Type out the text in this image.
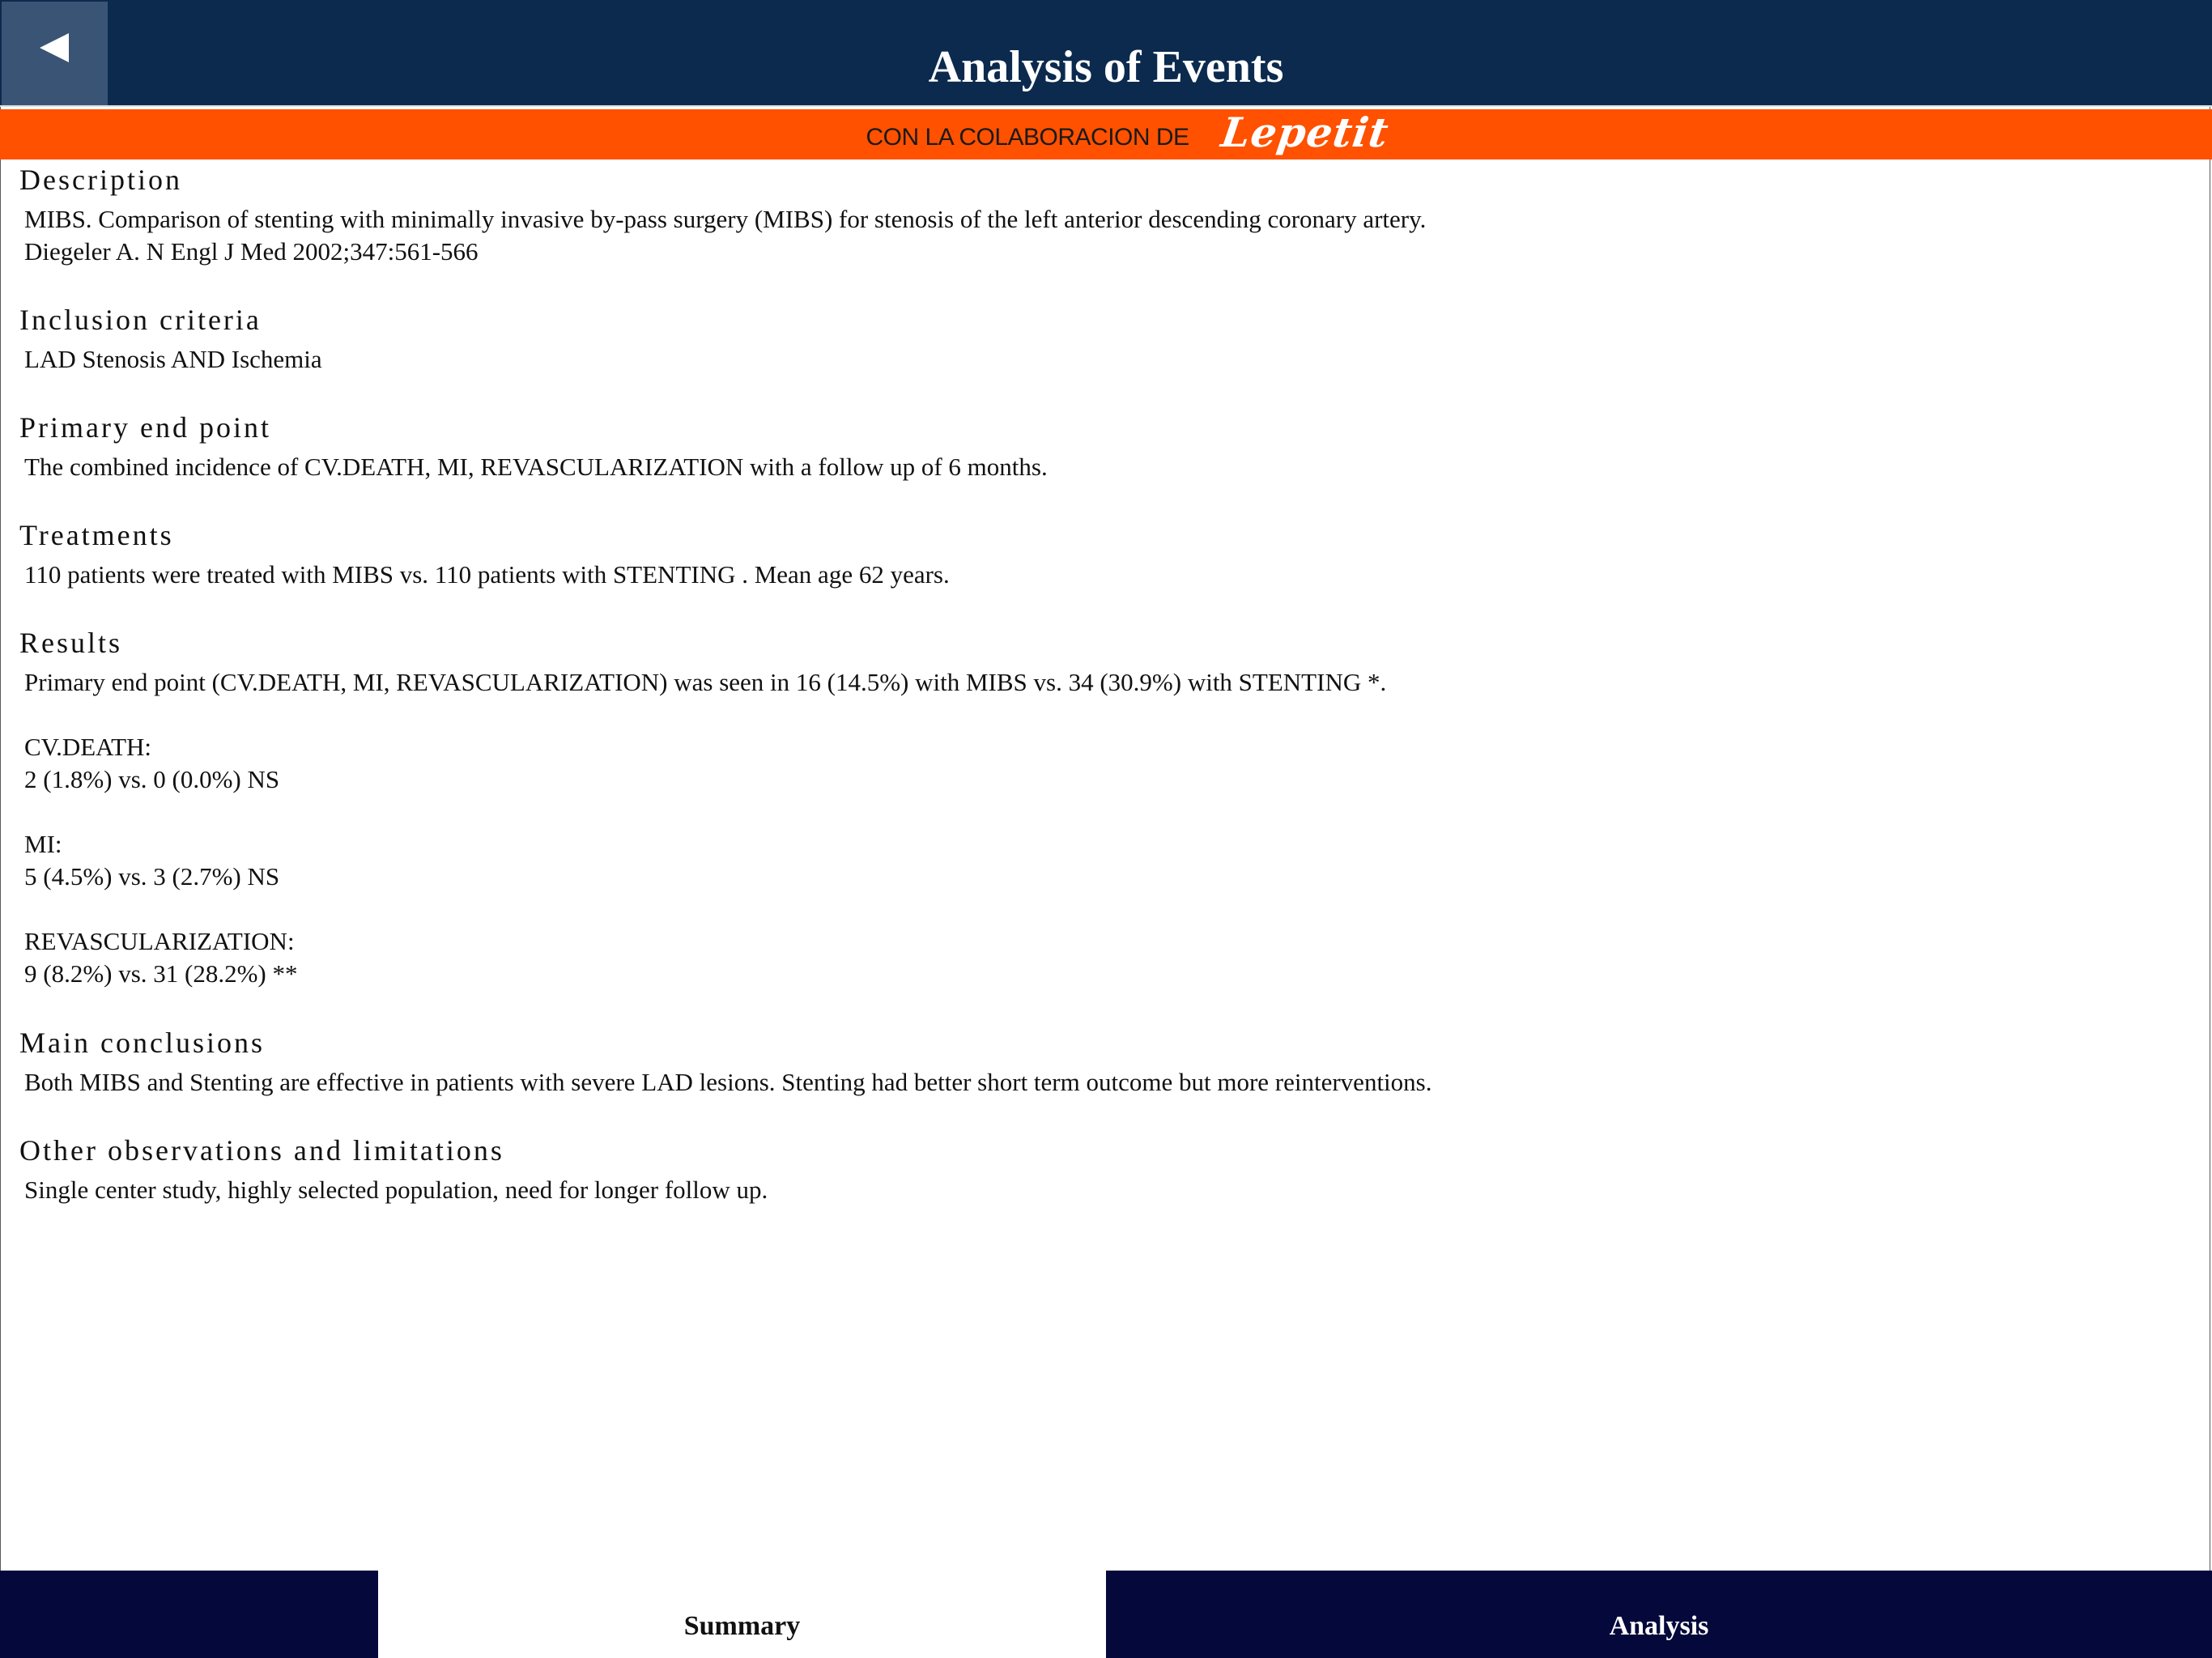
Analysis of Events
CON LA COLABORACION DE Lepetit
Description
MIBS. Comparison of stenting with minimally invasive by-pass surgery (MIBS) for stenosis of the left anterior descending coronary artery.
Diegeler A. N Engl J Med 2002;347:561-566
Inclusion criteria
LAD Stenosis AND Ischemia
Primary end point
The combined incidence of CV.DEATH, MI, REVASCULARIZATION with a follow up of 6 months.
Treatments
110 patients were treated with MIBS vs. 110 patients with STENTING . Mean age 62 years.
Results
Primary end point (CV.DEATH, MI, REVASCULARIZATION) was seen in 16 (14.5%) with MIBS vs. 34 (30.9%) with STENTING *.
CV.DEATH:
2 (1.8%) vs. 0 (0.0%) NS
MI:
5 (4.5%) vs. 3 (2.7%) NS
REVASCULARIZATION:
9 (8.2%) vs. 31 (28.2%) **
Main conclusions
Both MIBS and Stenting are effective in patients with severe LAD lesions. Stenting had better short term outcome but more reinterventions.
Other observations and limitations
Single center study, highly selected population, need for longer follow up.
Summary	Analysis
